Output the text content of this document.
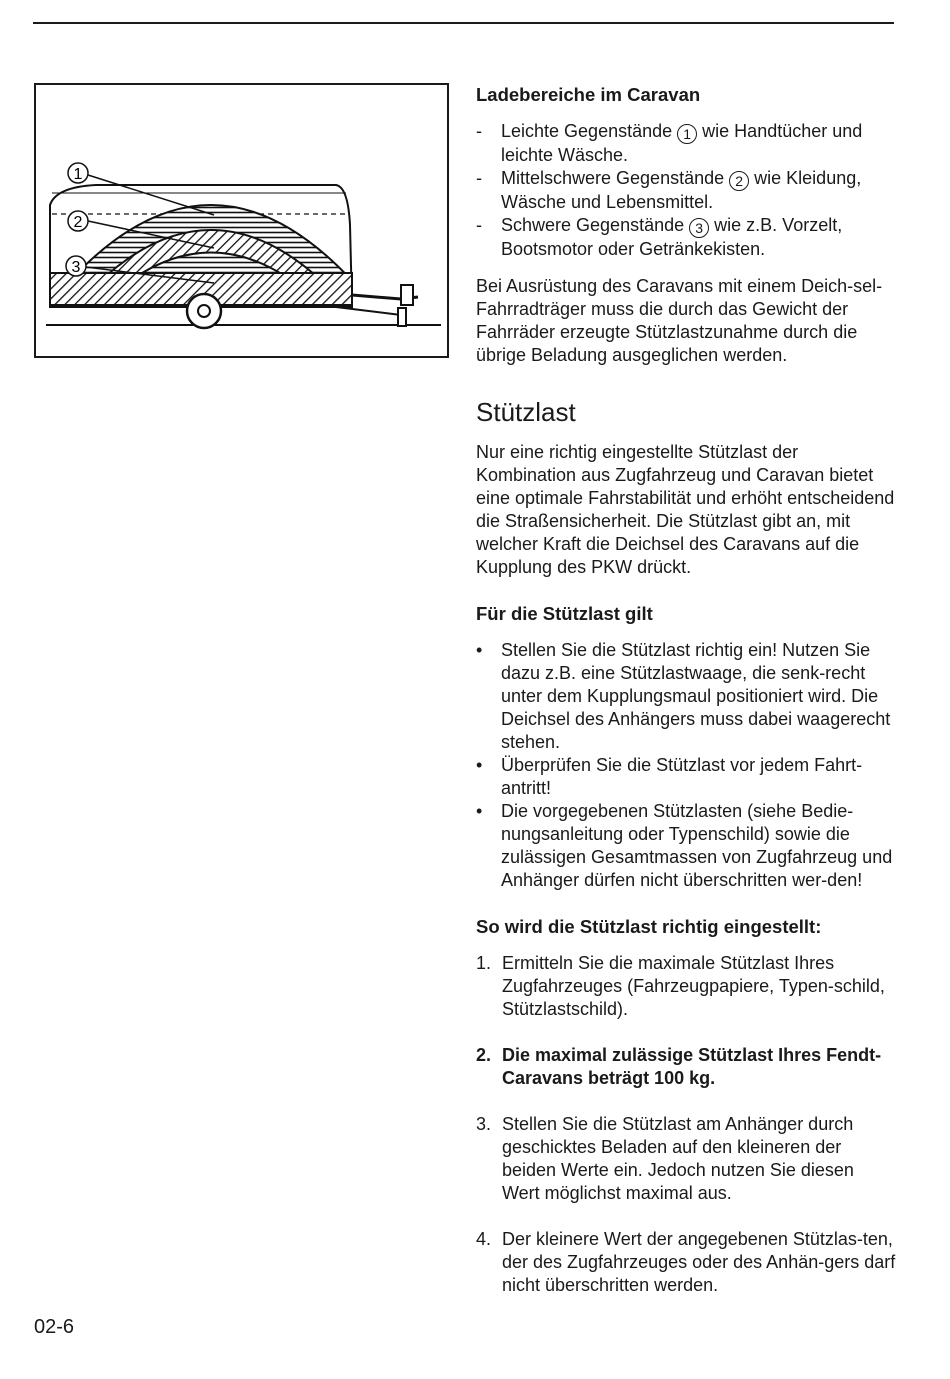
1
2
3
Ladebereiche im Caravan
- Leichte Gegenstände 1 wie Handtücher und leichte Wäsche.
- Mittelschwere Gegenstände 2 wie Kleidung, Wäsche und Lebensmittel.
- Schwere Gegenstände 3 wie z.B. Vorzelt, Bootsmotor oder Getränkekisten.

Bei Ausrüstung des Caravans mit einem Deich-sel-Fahrradträger muss die durch das Gewicht der Fahrräder erzeugte Stützlastzunahme durch die übrige Beladung ausgeglichen werden.

Stützlast

Nur eine richtig eingestellte Stützlast der Kombination aus Zugfahrzeug und Caravan bietet eine optimale Fahrstabilität und erhöht entscheidend die Straßensicherheit. Die Stützlast gibt an, mit welcher Kraft die Deichsel des Caravans auf die Kupplung des PKW drückt.

Für die Stützlast gilt
• Stellen Sie die Stützlast richtig ein! Nutzen Sie dazu z.B. eine Stützlastwaage, die senk-recht unter dem Kupplungsmaul positioniert wird. Die Deichsel des Anhängers muss dabei waagerecht stehen.
• Überprüfen Sie die Stützlast vor jedem Fahrt-antritt!
• Die vorgegebenen Stützlasten (siehe Bedie-nungsanleitung oder Typenschild) sowie die zulässigen Gesamtmassen von Zugfahrzeug und Anhänger dürfen nicht überschritten wer-den!
So wird die Stützlast richtig eingestellt:
1. Ermitteln Sie die maximale Stützlast Ihres Zugfahrzeuges (Fahrzeugpapiere, Typen-schild, Stützlastschild).
2. Die maximal zulässige Stützlast Ihres Fendt-Caravans beträgt 100 kg.
3. Stellen Sie die Stützlast am Anhänger durch geschicktes Beladen auf den kleineren der beiden Werte ein. Jedoch nutzen Sie diesen Wert möglichst maximal aus.
4. Der kleinere Wert der angegebenen Stützlas-ten, der des Zugfahrzeuges oder des Anhän-gers darf nicht überschritten werden.
02-6
